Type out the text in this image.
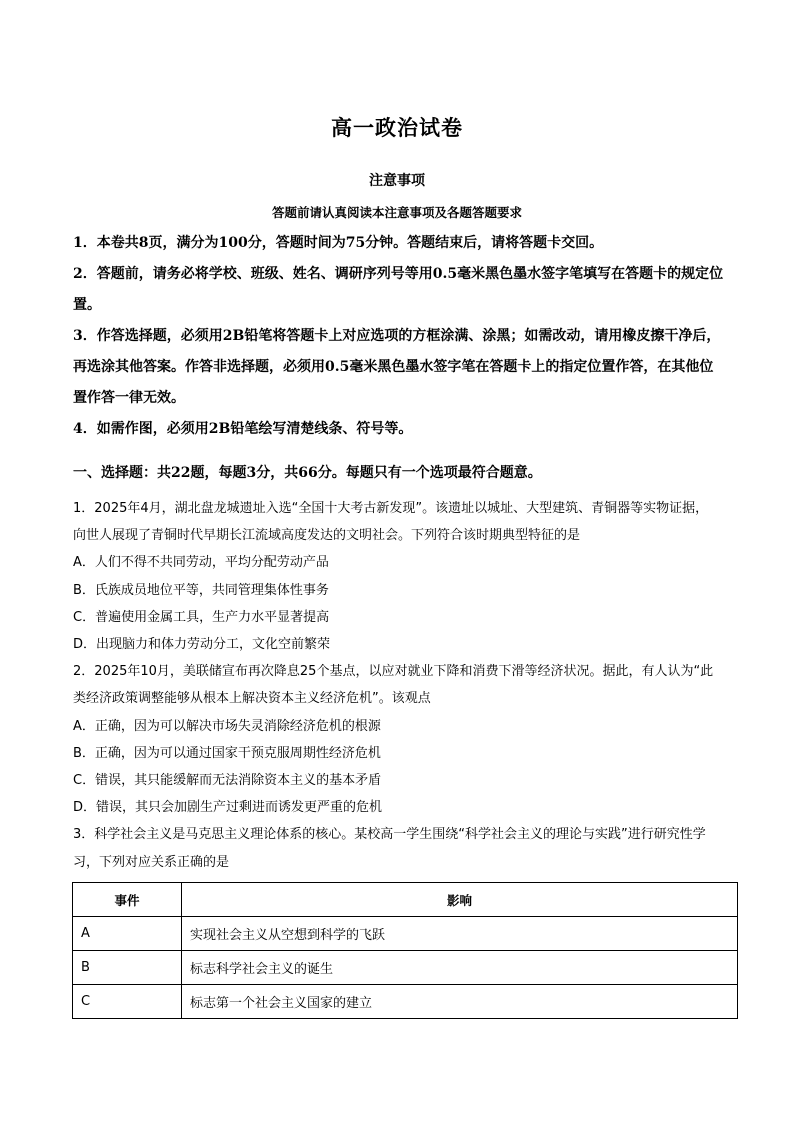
高一政治试卷
注意事项
答题前请认真阅读本注意事项及各题答题要求

1．本卷共8页，满分为100分，答题时间为75分钟。答题结束后，请将答题卡交回。

2．答题前，请务必将学校、班级、姓名、调研序列号等用0.5毫米黑色墨水签字笔填写在答题卡的规定位置。

3．作答选择题，必须用2B铅笔将答题卡上对应选项的方框涂满、涂黑；如需改动，请用橡皮擦干净后，再选涂其他答案。作答非选择题，必须用0.5毫米黑色墨水签字笔在答题卡上的指定位置作答，在其他位置作答一律无效。

4．如需作图，必须用2B铅笔绘写清楚线条、符号等。

一、选择题：共22题，每题3分，共66分。每题只有一个选项最符合题意。

1．2025年4月，湖北盘龙城遗址入选“全国十大考古新发现”。该遗址以城址、大型建筑、青铜器等实物证据，向世人展现了青铜时代早期长江流域高度发达的文明社会。下列符合该时期典型特征的是

A．人们不得不共同劳动，平均分配劳动产品

B．氏族成员地位平等，共同管理集体性事务

C．普遍使用金属工具，生产力水平显著提高

D．出现脑力和体力劳动分工，文化空前繁荣

2．2025年10月，美联储宣布再次降息25个基点，以应对就业下降和消费下滑等经济状况。据此，有人认为“此类经济政策调整能够从根本上解决资本主义经济危机”。该观点

A．正确，因为可以解决市场失灵消除经济危机的根源

B．正确，因为可以通过国家干预克服周期性经济危机

C．错误，其只能缓解而无法消除资本主义的基本矛盾

D．错误，其只会加剧生产过剩进而诱发更严重的危机

3．科学社会主义是马克思主义理论体系的核心。某校高一学生围绕“科学社会主义的理论与实践”进行研究性学习，下列对应关系正确的是

事件	影响
A	实现社会主义从空想到科学的飞跃
B	标志科学社会主义的诞生
C	标志第一个社会主义国家的建立
